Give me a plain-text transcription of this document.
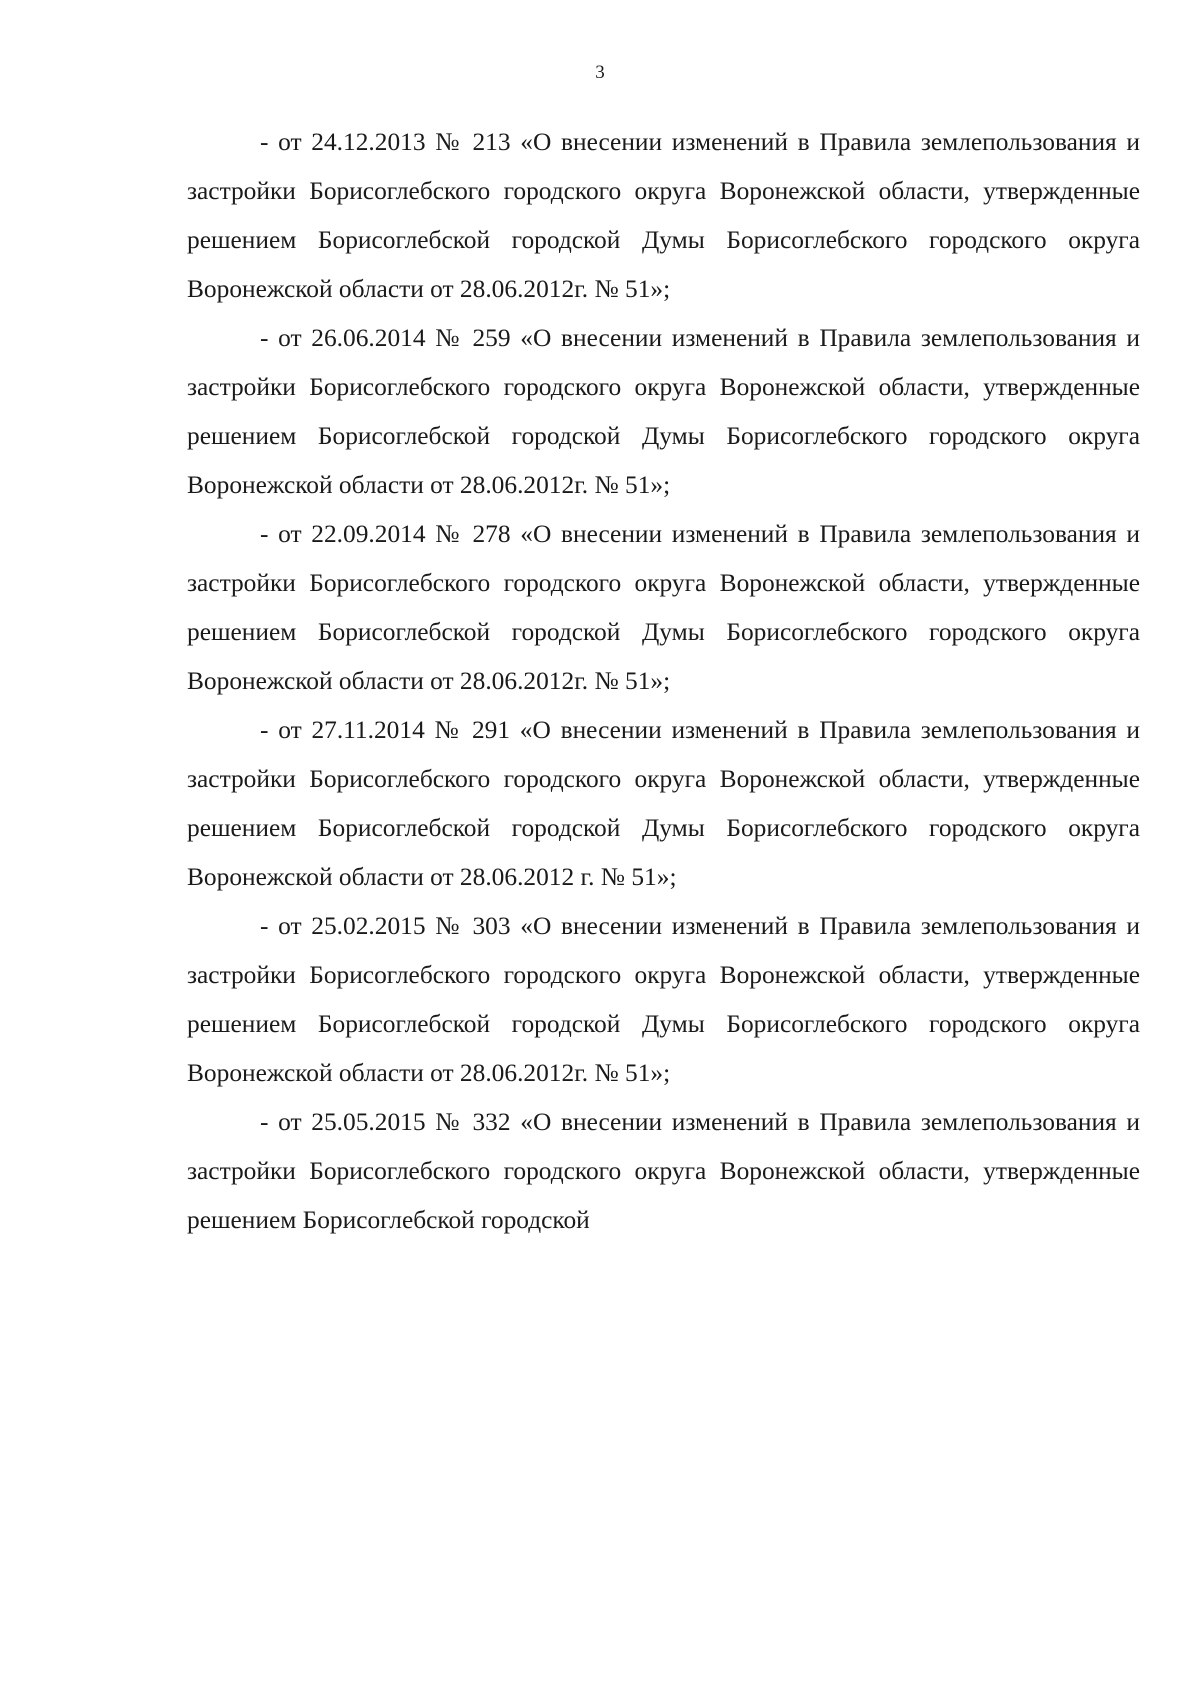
3

- от 24.12.2013 № 213 «О внесении изменений в Правила землепользования и застройки Борисоглебского городского округа Воронежской области, утвержденные решением Борисоглебской городской Думы Борисоглебского городского округа Воронежской области от 28.06.2012г. № 51»;

- от 26.06.2014 № 259 «О внесении изменений в Правила землепользования и застройки Борисоглебского городского округа Воронежской области, утвержденные решением Борисоглебской городской Думы Борисоглебского городского округа Воронежской области от 28.06.2012г. № 51»;

- от 22.09.2014 № 278 «О внесении изменений в Правила землепользования и застройки Борисоглебского городского округа Воронежской области, утвержденные решением Борисоглебской городской Думы Борисоглебского городского округа Воронежской области от 28.06.2012г. № 51»;

- от 27.11.2014 № 291 «О внесении изменений в Правила землепользования и застройки Борисоглебского городского округа Воронежской области, утвержденные решением Борисоглебской городской Думы Борисоглебского городского округа Воронежской области от 28.06.2012 г. № 51»;

- от 25.02.2015 № 303 «О внесении изменений в Правила землепользования и застройки Борисоглебского городского округа Воронежской области, утвержденные решением Борисоглебской городской Думы Борисоглебского городского округа Воронежской области от 28.06.2012г. № 51»;

- от 25.05.2015 № 332 «О внесении изменений в Правила землепользования и застройки Борисоглебского городского округа Воронежской области, утвержденные решением Борисоглебской городской
